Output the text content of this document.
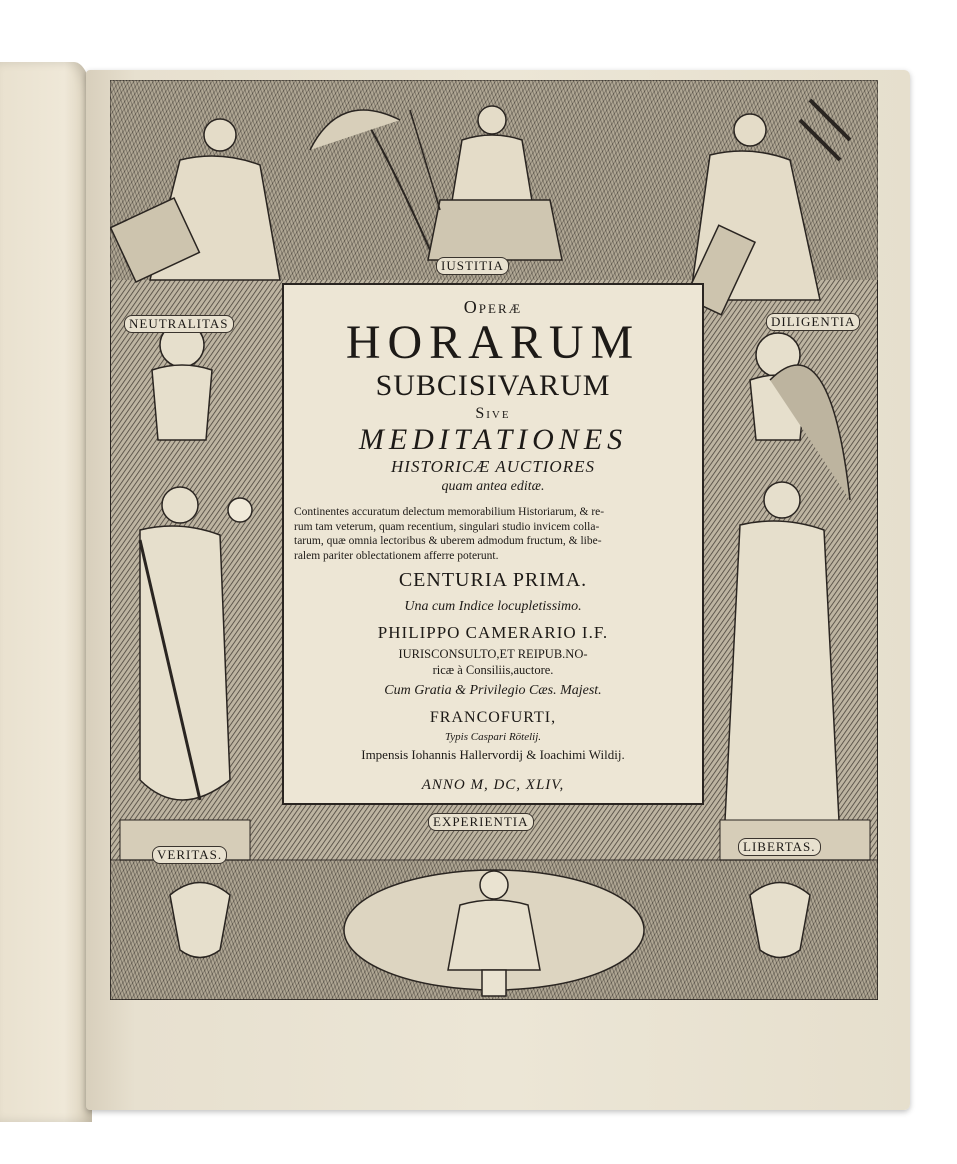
IUSTITIA
NEUTRALITAS	DILIGENTIA
VERITAS.
LIBERTAS.
EXPERIENTIA
Operæ
HORARUM
SUBCISIVARUM
Sive
MEDITATIONES
HISTORICÆ AUCTIORES
quam antea editæ.
Continentes accuratum delectum memorabilium Historiarum, & re-
rum tam veterum, quam recentium, singulari studio invicem colla-
tarum, quæ omnia lectoribus & uberem admodum fructum, & libe-
ralem pariter oblectationem afferre poterunt.
CENTURIA PRIMA.
Una cum Indice locupletissimo.
PHILIPPO CAMERARIO I.F.
IURISCONSULTO,ET REIPUB.NO-
ricæ à Consiliis,auctore.
Cum Gratia & Privilegio Cæs. Majest.
FRANCOFURTI,
Typis Caspari Rötelij.
Impensis Iohannis Hallervordij & Ioachimi Wildij.
ANNO M, DC, XLIV,
